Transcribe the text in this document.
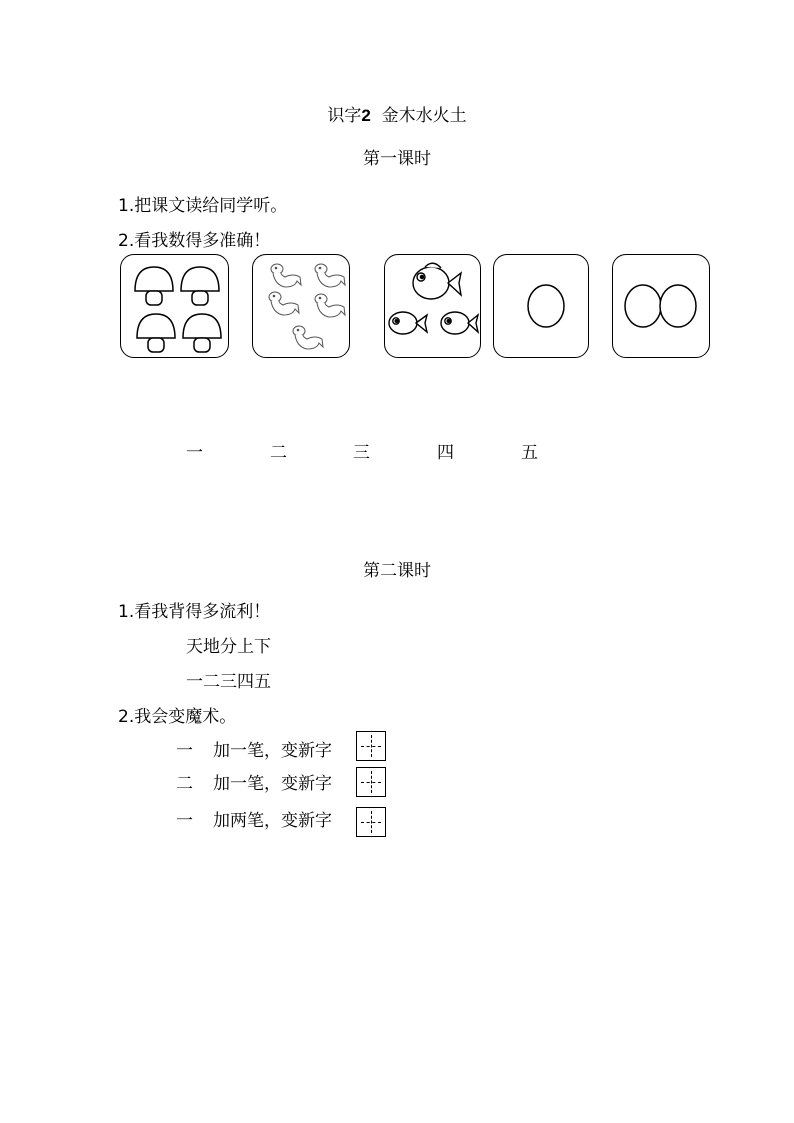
识字2 金木水火土
第一课时
1.把课文读给同学听。
2.看我数得多准确！
一	二	三	四	五
第二课时
1.看我背得多流利！
天地分上下
一二三四五
2.我会变魔术。
一 加一笔，变新字
二 加一笔，变新字
一 加两笔，变新字
